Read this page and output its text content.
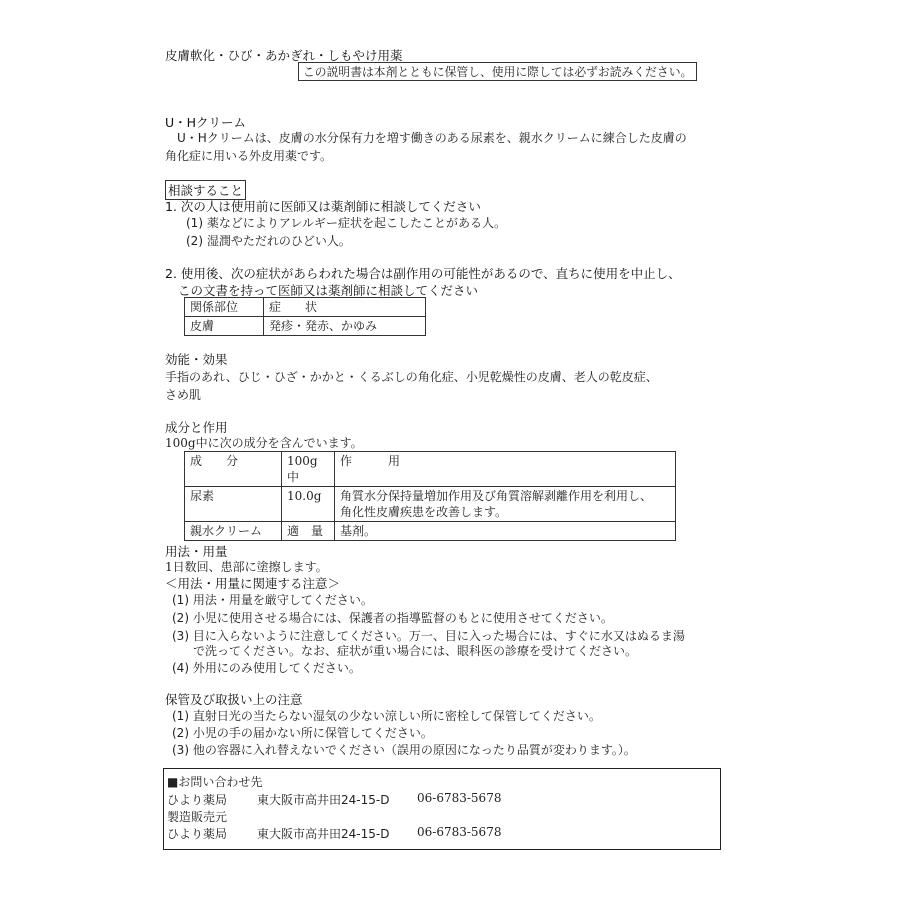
皮膚軟化・ひび・あかぎれ・しもやけ用薬
この説明書は本剤とともに保管し、使用に際しては必ずお読みください。
U・Hクリーム
U・Hクリームは、皮膚の水分保有力を増す働きのある尿素を、親水クリームに練合した皮膚の
角化症に用いる外皮用薬です。
相談すること
1. 次の人は使用前に医師又は薬剤師に相談してください
(1) 薬などによりアレルギー症状を起こしたことがある人。
(2) 湿潤やただれのひどい人。
2. 使用後、次の症状があらわれた場合は副作用の可能性があるので、直ちに使用を中止し、
この文書を持って医師又は薬剤師に相談してください
関係部位	症　　状
皮膚	発疹・発赤、かゆみ
効能・効果
手指のあれ、ひじ・ひざ・かかと・くるぶしの角化症、小児乾燥性の皮膚、老人の乾皮症、
さめ肌
成分と作用
100g中に次の成分を含んでいます。
成　　分	100g中	作　　　用
尿素	10.0g	角質水分保持量増加作用及び角質溶解剥離作用を利用し、
角化性皮膚疾患を改善します。

親水クリーム	適　量	基剤。
用法・用量
1日数回、患部に塗擦します。
＜用法・用量に関連する注意＞
(1) 用法・用量を厳守してください。
(2) 小児に使用させる場合には、保護者の指導監督のもとに使用させてください。
(3) 目に入らないように注意してください。万一、目に入った場合には、すぐに水又はぬるま湯
で洗ってください。なお、症状が重い場合には、眼科医の診療を受けてください。
(4) 外用にのみ使用してください。
保管及び取扱い上の注意
(1) 直射日光の当たらない湿気の少ない涼しい所に密栓して保管してください。
(2) 小児の手の届かない所に保管してください。
(3) 他の容器に入れ替えないでください（誤用の原因になったり品質が変わります。）。
■お問い合わせ先
ひより薬局 東大阪市高井田24-15-D 06-6783-5678
製造販売元
ひより薬局 東大阪市高井田24-15-D 06-6783-5678
